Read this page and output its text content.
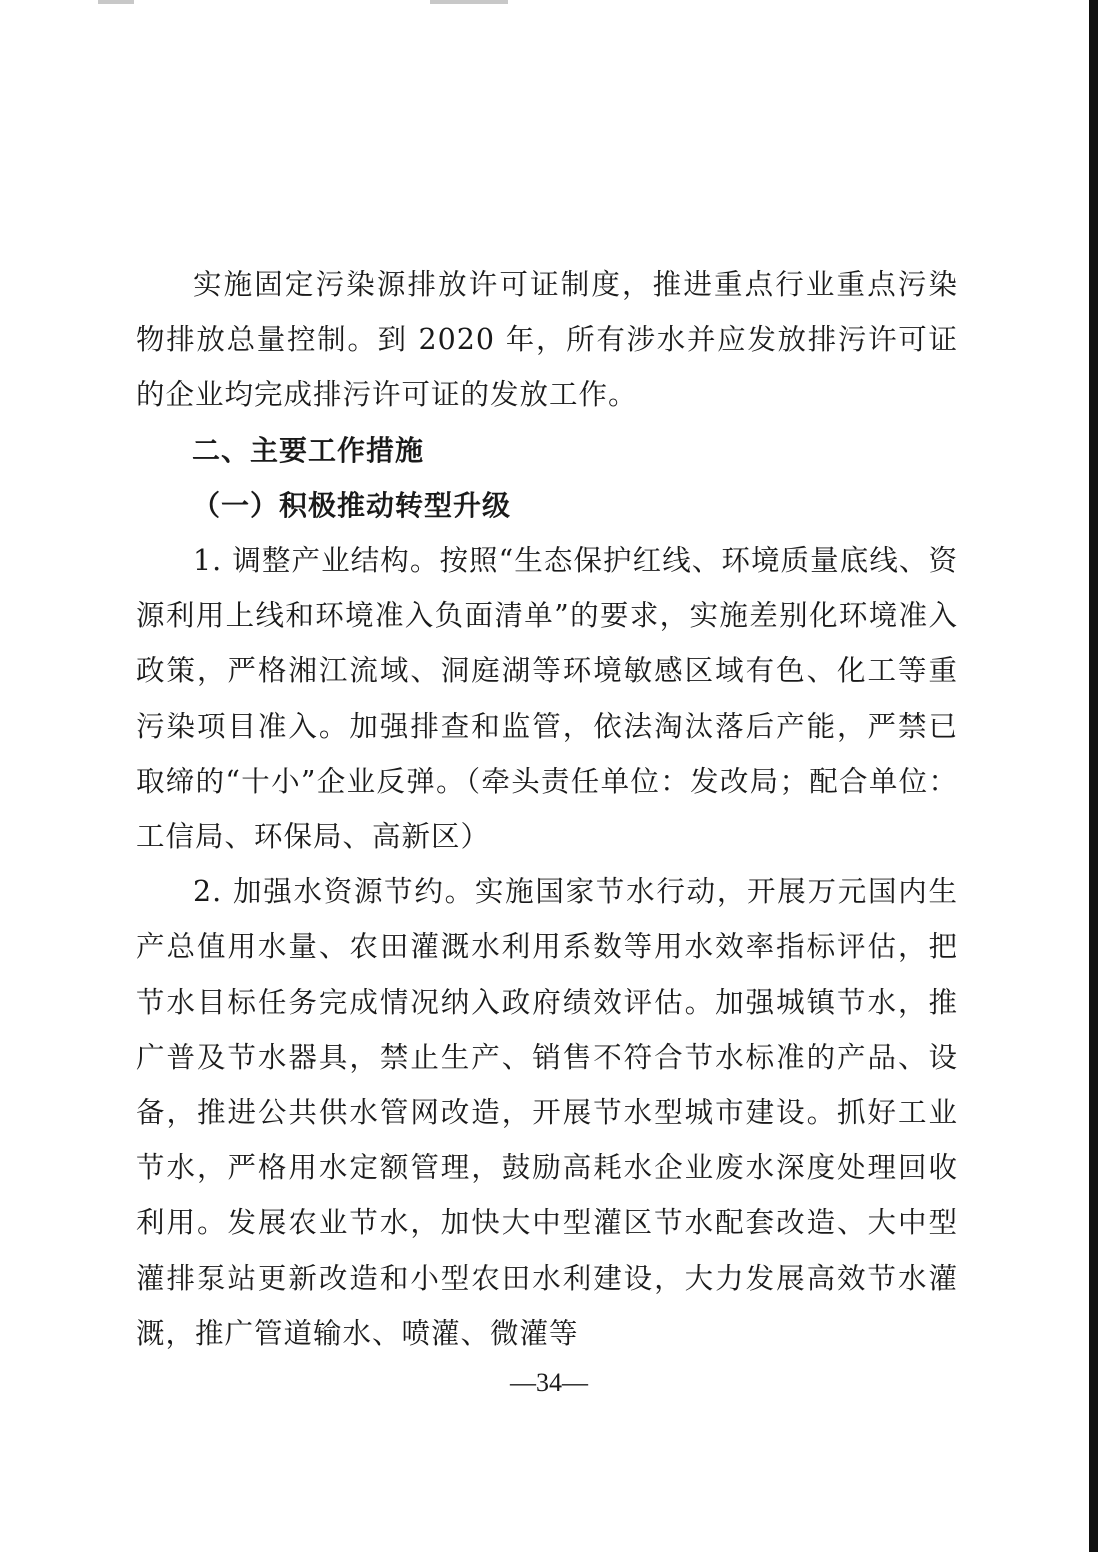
实施固定污染源排放许可证制度，推进重点行业重点污染物排放总量控制。到 2020 年，所有涉水并应发放排污许可证的企业均完成排污许可证的发放工作。

二、主要工作措施

（一）积极推动转型升级

1. 调整产业结构。按照“生态保护红线、环境质量底线、资源利用上线和环境准入负面清单”的要求，实施差别化环境准入政策，严格湘江流域、洞庭湖等环境敏感区域有色、化工等重污染项目准入。加强排查和监管，依法淘汰落后产能，严禁已取缔的“十小”企业反弹。（牵头责任单位：发改局；配合单位：工信局、环保局、高新区）

2. 加强水资源节约。实施国家节水行动，开展万元国内生产总值用水量、农田灌溉水利用系数等用水效率指标评估，把节水目标任务完成情况纳入政府绩效评估。加强城镇节水，推广普及节水器具，禁止生产、销售不符合节水标准的产品、设备，推进公共供水管网改造，开展节水型城市建设。抓好工业节水，严格用水定额管理，鼓励高耗水企业废水深度处理回收利用。发展农业节水，加快大中型灌区节水配套改造、大中型灌排泵站更新改造和小型农田水利建设，大力发展高效节水灌溉，推广管道输水、喷灌、微灌等

—34—
